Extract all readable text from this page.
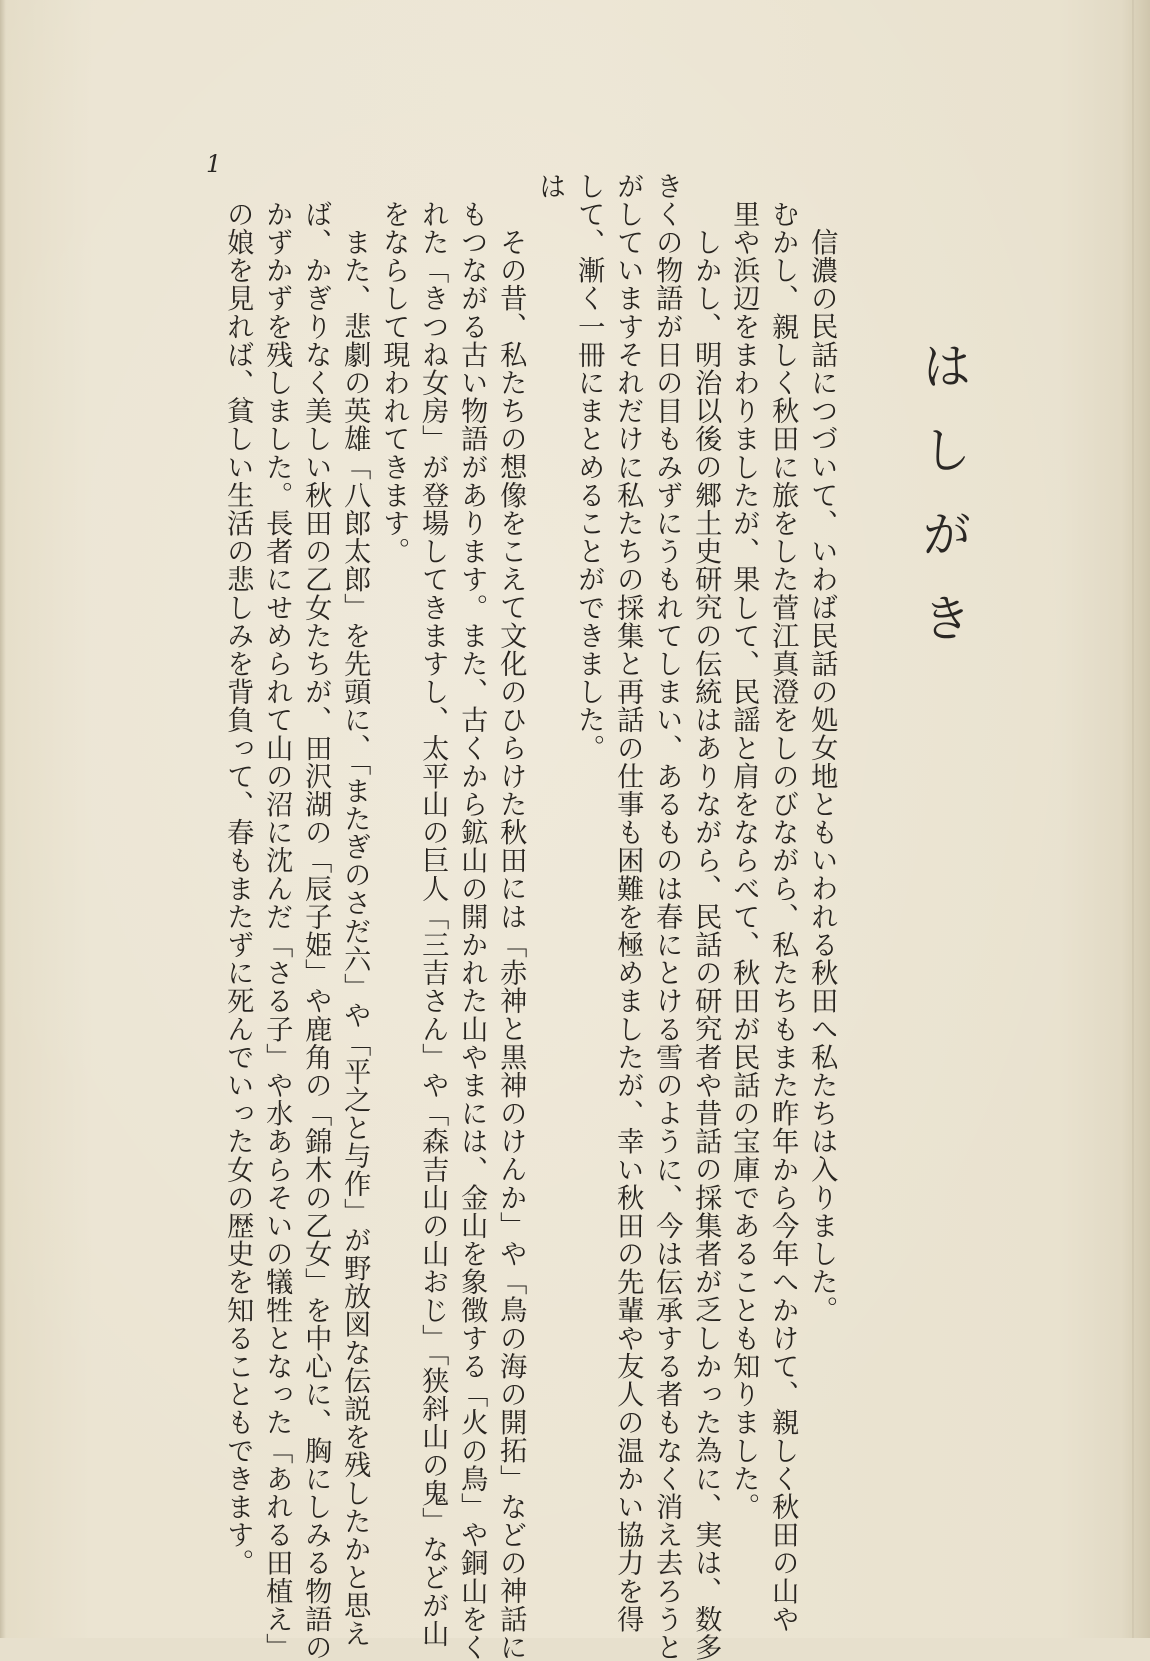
はしがき
信濃の民話につづいて、いわば民話の処女地ともいわれる秋田へ私たちは入りました。
むかし、親しく秋田に旅をした菅江真澄をしのびながら、私たちもまた昨年から今年へかけて、親しく秋田の山や
里や浜辺をまわりましたが、果して、民謡と肩をならべて、秋田が民話の宝庫であることも知りました。
しかし、明治以後の郷土史研究の伝統はありながら、民話の研究者や昔話の採集者が乏しかった為に、実は、数多
き
くの物語が日の目もみずにうもれてしまい、あるものは春にとける雪のように、今は伝承する者もなく消え去ろうと
が
していますそれだけに私たちの採集と再話の仕事も困難を極めましたが、幸い秋田の先輩や友人の温かい協力を得
し
て、漸く一冊にまとめることができました。
は
その昔、私たちの想像をこえて文化のひらけた秋田には「赤神と黒神のけんか」や「鳥の海の開拓」などの神話に
もつながる古い物語があります。また、古くから鉱山の開かれた山やまには、金山を象徴する「火の鳥」や銅山をく
れた「きつね女房」が登場してきますし、太平山の巨人「三吉さん」や「森吉山の山おじ」「狭斜山の鬼」などが山
をならして現われてきます。
また、悲劇の英雄「八郎太郎」を先頭に、「またぎのさだ六」や「平之と与作」が野放図な伝説を残したかと思え
ば、かぎりなく美しい秋田の乙女たちが、田沢湖の「辰子姫」や鹿角の「錦木の乙女」を中心に、胸にしみる物語の
かずかずを残しました。長者にせめられて山の沼に沈んだ「さる子」や水あらそいの犠牲となった「あれる田植え」
の娘を見れば、貧しい生活の悲しみを背負って、春もまたずに死んでいった女の歴史を知ることもできます。
1
